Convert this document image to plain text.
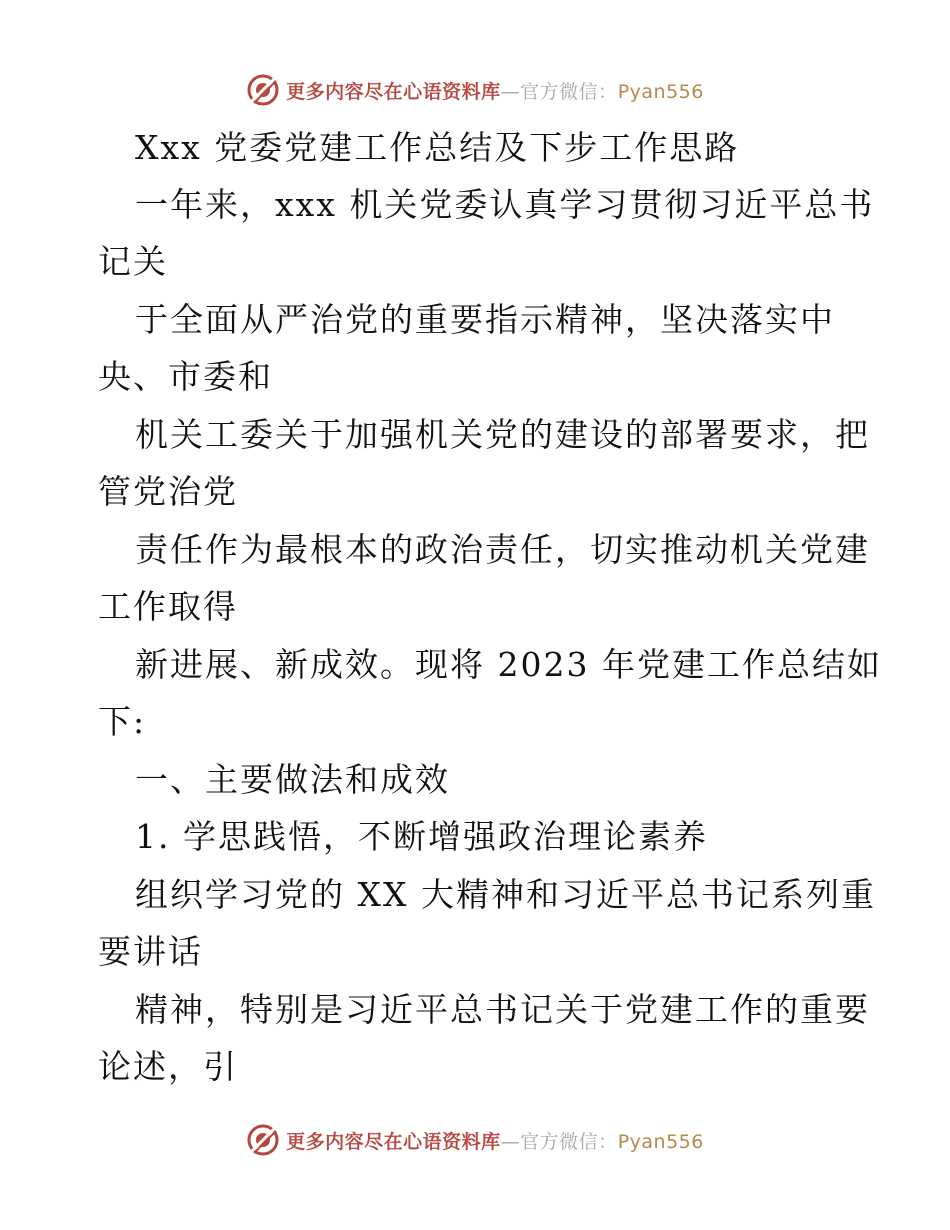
更多内容尽在心语资料库—官方微信：Pyan556
Xxx 党委党建工作总结及下步工作思路
一年来，xxx 机关党委认真学习贯彻习近平总书
记关
于全面从严治党的重要指示精神，坚决落实中
央、市委和
机关工委关于加强机关党的建设的部署要求，把
管党治党
责任作为最根本的政治责任，切实推动机关党建
工作取得
新进展、新成效。现将 2023 年党建工作总结如
下:
一、主要做法和成效
1. 学思践悟，不断增强政治理论素养
组织学习党的 XX 大精神和习近平总书记系列重
要讲话
精神，特别是习近平总书记关于党建工作的重要
论述，引
更多内容尽在心语资料库—官方微信：Pyan556
